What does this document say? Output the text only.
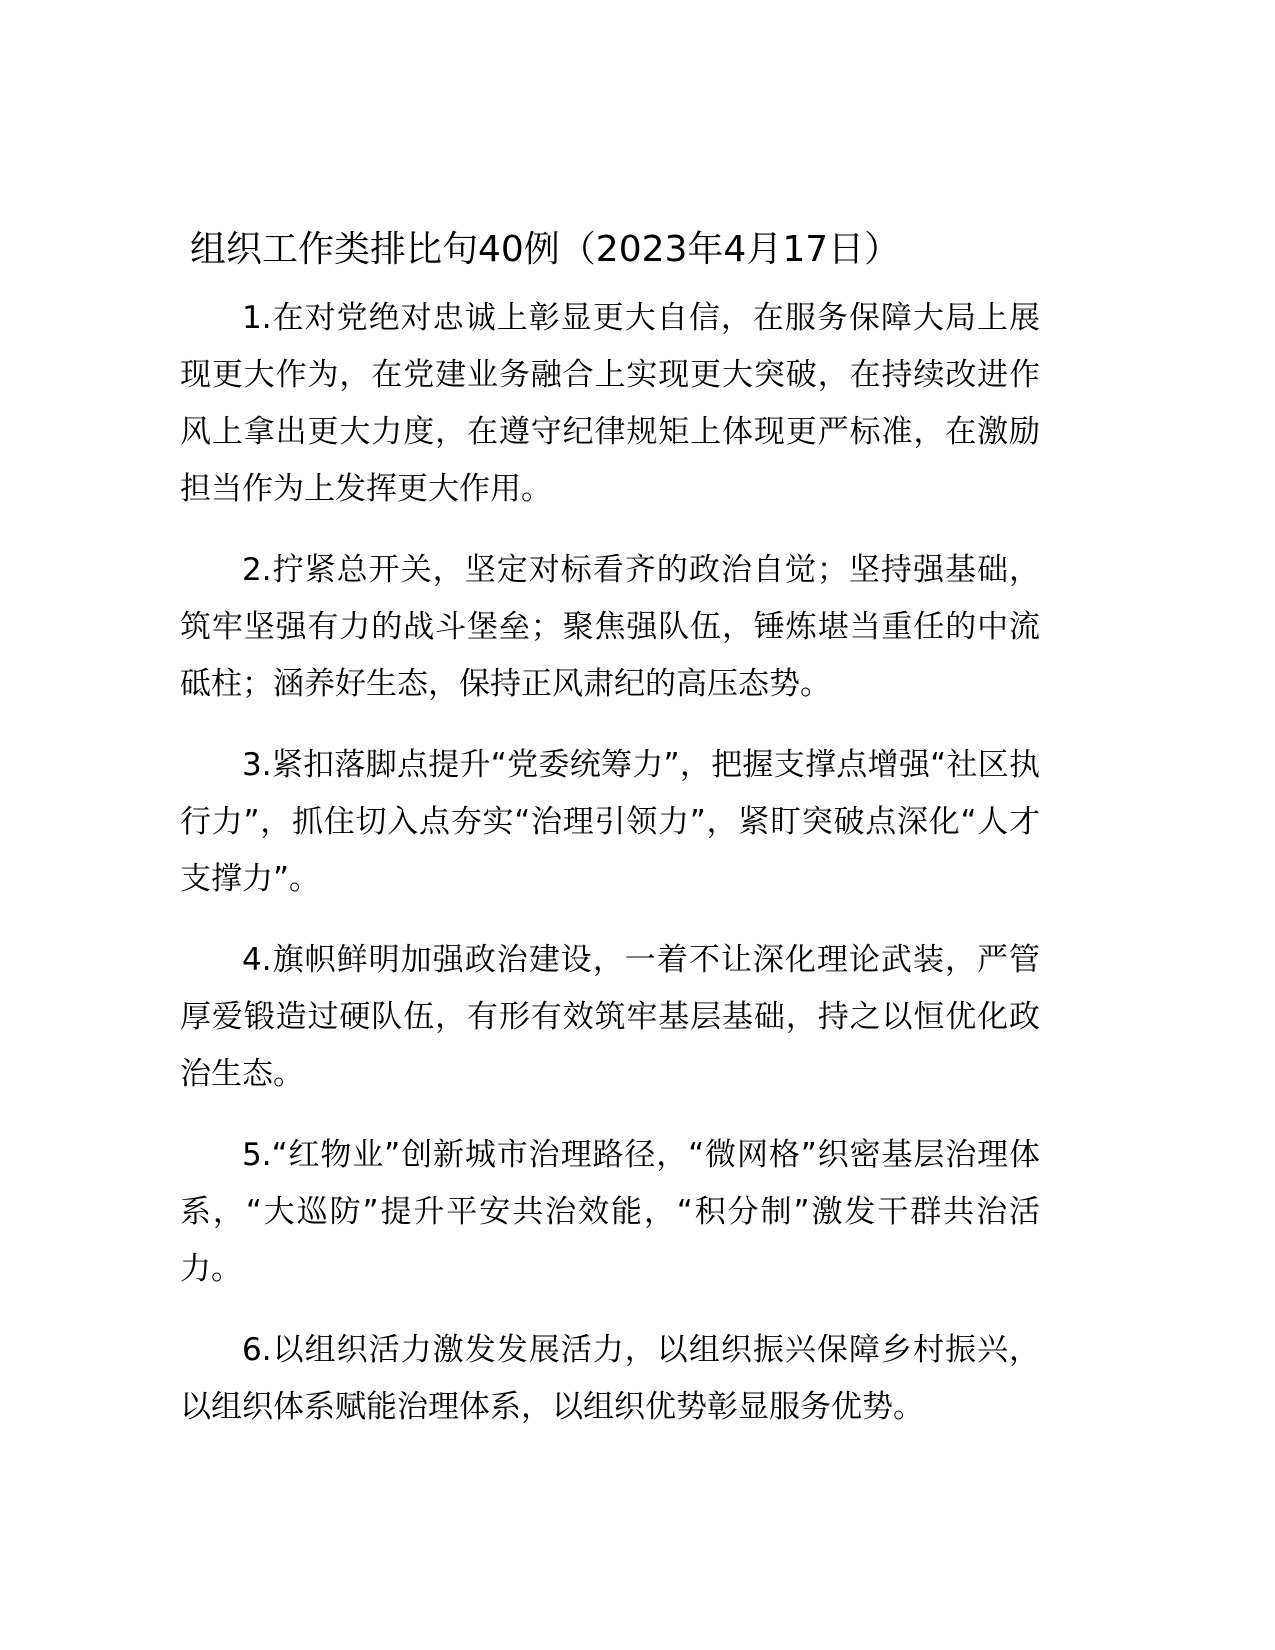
组织工作类排比句40例（2023年4月17日）

1.在对党绝对忠诚上彰显更大自信，在服务保障大局上展现更大作为，在党建业务融合上实现更大突破，在持续改进作风上拿出更大力度，在遵守纪律规矩上体现更严标准，在激励担当作为上发挥更大作用。

2.拧紧总开关，坚定对标看齐的政治自觉；坚持强基础，筑牢坚强有力的战斗堡垒；聚焦强队伍，锤炼堪当重任的中流砥柱；涵养好生态，保持正风肃纪的高压态势。

3.紧扣落脚点提升“党委统筹力”，把握支撑点增强“社区执行力”，抓住切入点夯实“治理引领力”，紧盯突破点深化“人才支撑力”。

4.旗帜鲜明加强政治建设，一着不让深化理论武装，严管厚爱锻造过硬队伍，有形有效筑牢基层基础，持之以恒优化政治生态。

5.“红物业”创新城市治理路径，“微网格”织密基层治理体系，“大巡防”提升平安共治效能，“积分制”激发干群共治活力。

6.以组织活力激发发展活力，以组织振兴保障乡村振兴，以组织体系赋能治理体系，以组织优势彰显服务优势。
